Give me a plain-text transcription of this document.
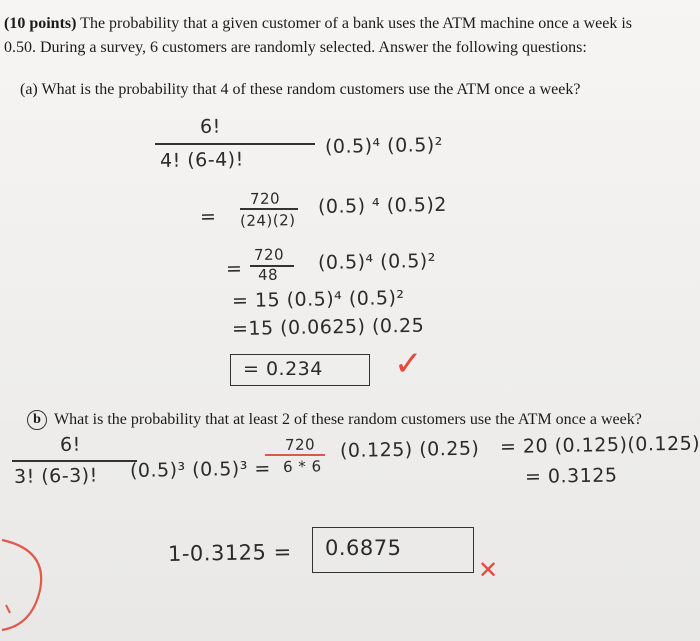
(10 points) The probability that a given customer of a bank uses the ATM machine once a week is
0.50. During a survey, 6 customers are randomly selected. Answer the following questions:
(a) What is the probability that 4 of these random customers use the ATM once a week?
6!
4! (6-4)!
(0.5)⁴ (0.5)²
=
720
(24)(2)
(0.5) ⁴ (0.5)2
=
720
48
(0.5)⁴ (0.5)²
= 15 (0.5)⁴ (0.5)²
=15 (0.0625) (0.25
= 0.234 ✓
b What is the probability that at least 2 of these random customers use the ATM once a week?
6!
3! (6-3)! (0.5)³ (0.5)³ =
720
6 * 6
(0.125) (0.25) = 20 (0.125)(0.125)
= 0.3125
1-0.3125 = 0.6875
✕
